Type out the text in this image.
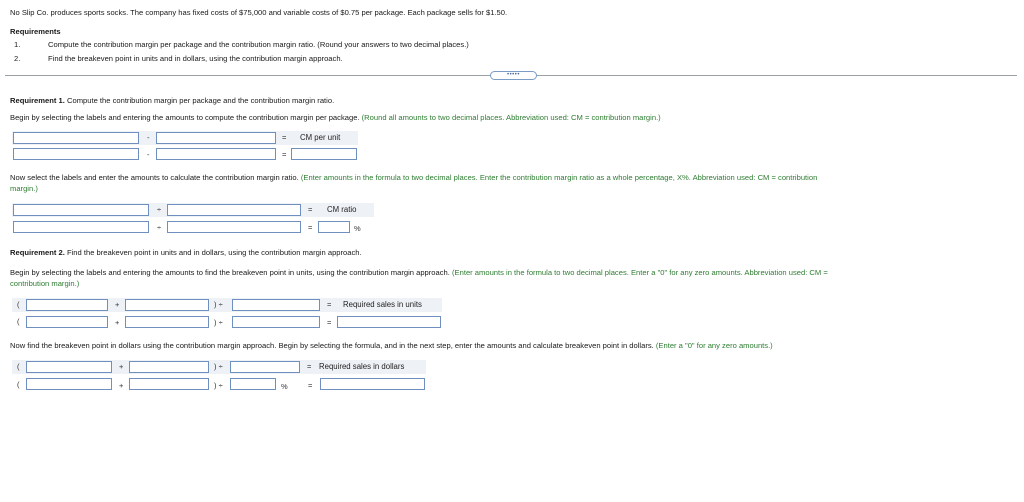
No Slip Co. produces sports socks. The company has fixed costs of $75,000 and variable costs of $0.75 per package. Each package sells for $1.50.
Requirements
1.	Compute the contribution margin per package and the contribution margin ratio. (Round your answers to two decimal places.)
2.	Find the breakeven point in units and in dollars, using the contribution margin approach.
•••••
Requirement 1. Compute the contribution margin per package and the contribution margin ratio.
Begin by selecting the labels and entering the amounts to compute the contribution margin per package. (Round all amounts to two decimal places. Abbreviation used: CM = contribution margin.)
-	= CM per unit
-	=
Now select the labels and enter the amounts to calculate the contribution margin ratio. (Enter amounts in the formula to two decimal places. Enter the contribution margin ratio as a whole percentage, X%. Abbreviation used: CM = contribution
margin.)
÷	= CM ratio
÷	=	%
Requirement 2. Find the breakeven point in units and in dollars, using the contribution margin approach.
Begin by selecting the labels and entering the amounts to find the breakeven point in units, using the contribution margin approach. (Enter amounts in the formula to two decimal places. Enter a "0" for any zero amounts. Abbreviation used: CM =
contribution margin.)
(	+	) ÷	= Required sales in units
(	+	) ÷	=
Now find the breakeven point in dollars using the contribution margin approach. Begin by selecting the formula, and in the next step, enter the amounts and calculate breakeven point in dollars. (Enter a "0" for any zero amounts.)
(	+	) ÷	= Required sales in dollars
(	+	) ÷	%	=
